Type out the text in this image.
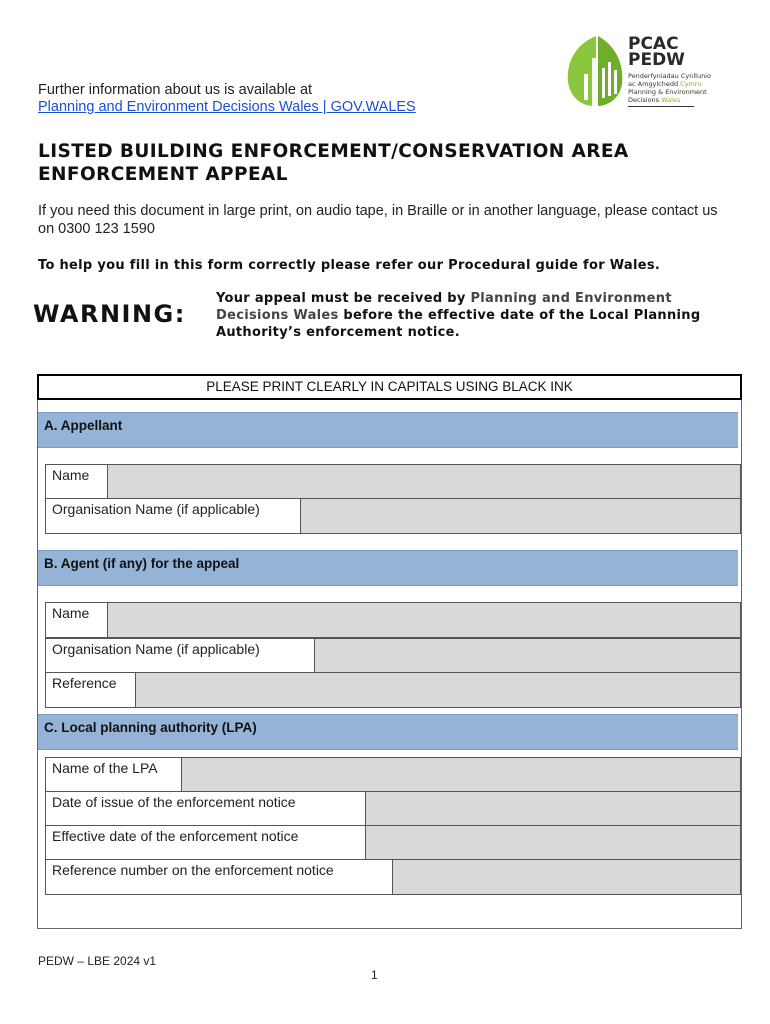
Further information about us is available at
Planning and Environment Decisions Wales | GOV.WALES
PCAC
PEDW
Penderfyniadau Cynllunio
ac Amgylchedd Cymru
Planning & Environment
Decisions Wales
LISTED BUILDING ENFORCEMENT/CONSERVATION AREA
ENFORCEMENT APPEAL
If you need this document in large print, on audio tape, in Braille or in another language, please contact us on 0300 123 1590
To help you fill in this form correctly please refer our Procedural guide for Wales.
WARNING:
Your appeal must be received by Planning and Environment Decisions Wales before the effective date of the Local Planning Authority’s enforcement notice.
PLEASE PRINT CLEARLY IN CAPITALS USING BLACK INK
A. Appellant
Name
Organisation Name (if applicable)
B. Agent (if any) for the appeal
Name
Organisation Name (if applicable)
Reference
C. Local planning authority (LPA)
Name of the LPA
Date of issue of the enforcement notice
Effective date of the enforcement notice
Reference number on the enforcement notice
PEDW – LBE 2024 v1
1
